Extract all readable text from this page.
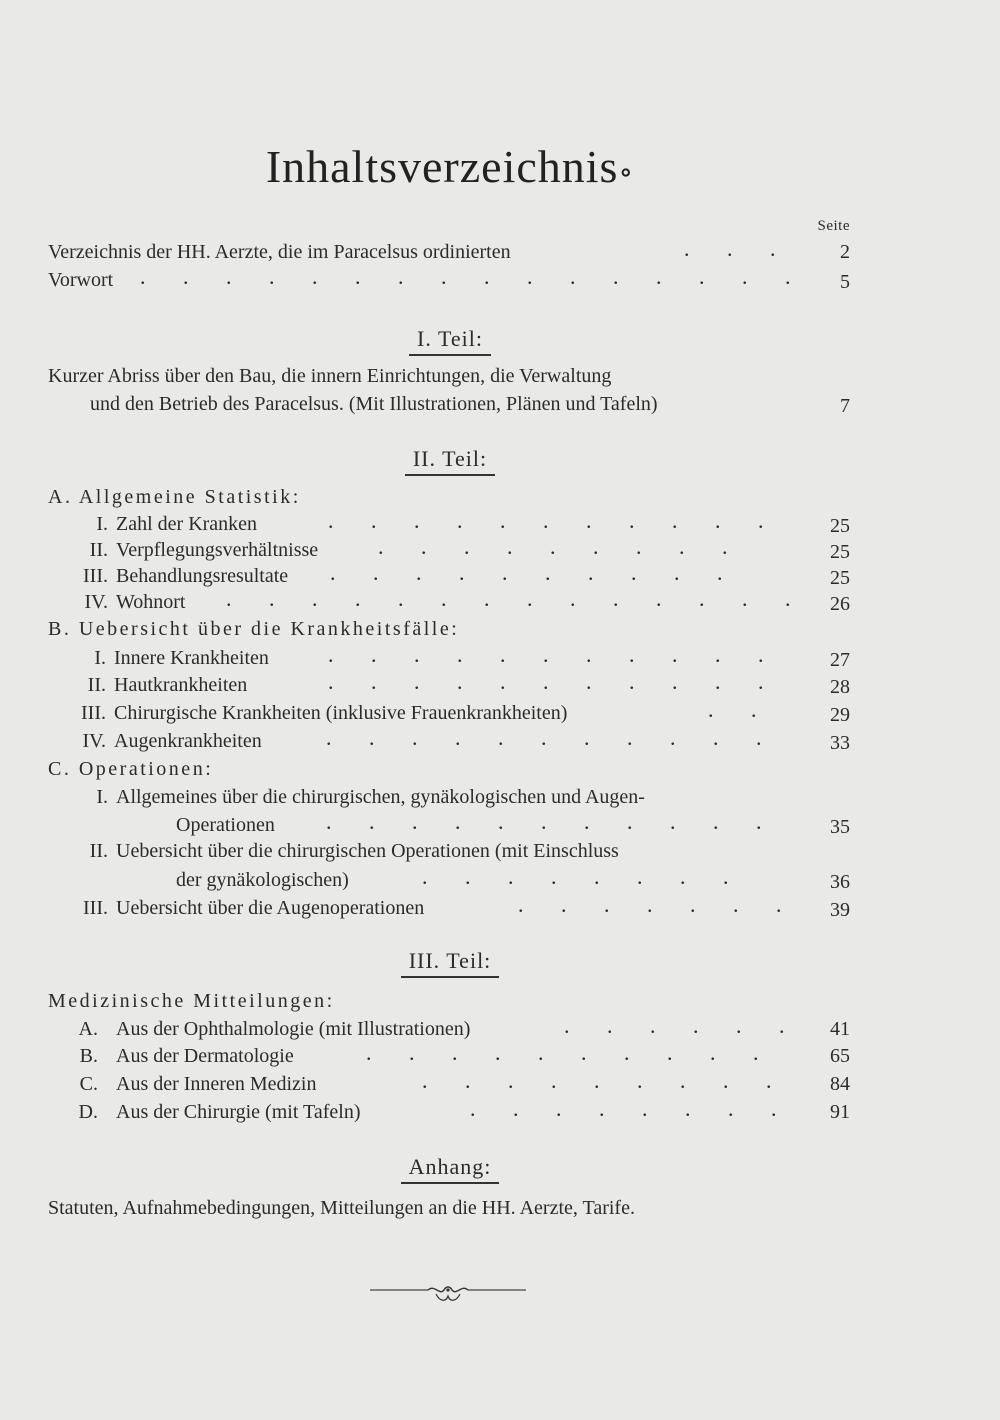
Inhaltsverzeichnis∘
Seite
Verzeichnis der HH. Aerzte, die im Paracelsus ordinierten	. . .	2
Vorwort . . . . . . . . . . . . . . . .	5
I. Teil:
Kurzer Abriss über den Bau, die innern Einrichtungen, die Verwaltung
und den Betrieb des Paracelsus. (Mit Illustrationen, Plänen und Tafeln)	7
II. Teil:
A. Allgemeine Statistik:
I. Zahl der Kranken	. . . . . . . . . . .	25
II. Verpflegungsverhältnisse	. . . . . . . . .	25
III. Behandlungsresultate . . . . . . . . . .	25
IV. Wohnort . . . . . . . . . . . . . .	26
B. Uebersicht über die Krankheitsfälle:
I. Innere Krankheiten	. . . . . . . . . . .	27
II. Hautkrankheiten	. . . . . . . . . . .	28
III. Chirurgische Krankheiten (inklusive Frauenkrankheiten)	. .	29
IV. Augenkrankheiten	. . . . . . . . . . .	33
C. Operationen:
I. Allgemeines über die chirurgischen, gynäkologischen und Augen-
Operationen . . . . . . . . . . .	35
II. Uebersicht über die chirurgischen Operationen (mit Einschluss
der gynäkologischen)	. . . . . . . .	36
III. Uebersicht über die Augenoperationen	. . . . . . .	39
III. Teil:
Medizinische Mitteilungen:
A. Aus der Ophthalmologie (mit Illustrationen)	. . . . . .	41
B. Aus der Dermatologie	. . . . . . . . . .	65
C. Aus der Inneren Medizin	. . . . . . . . .	84
D. Aus der Chirurgie (mit Tafeln)	. . . . . . . .	91
Anhang:
Statuten, Aufnahmebedingungen, Mitteilungen an die HH. Aerzte, Tarife.
